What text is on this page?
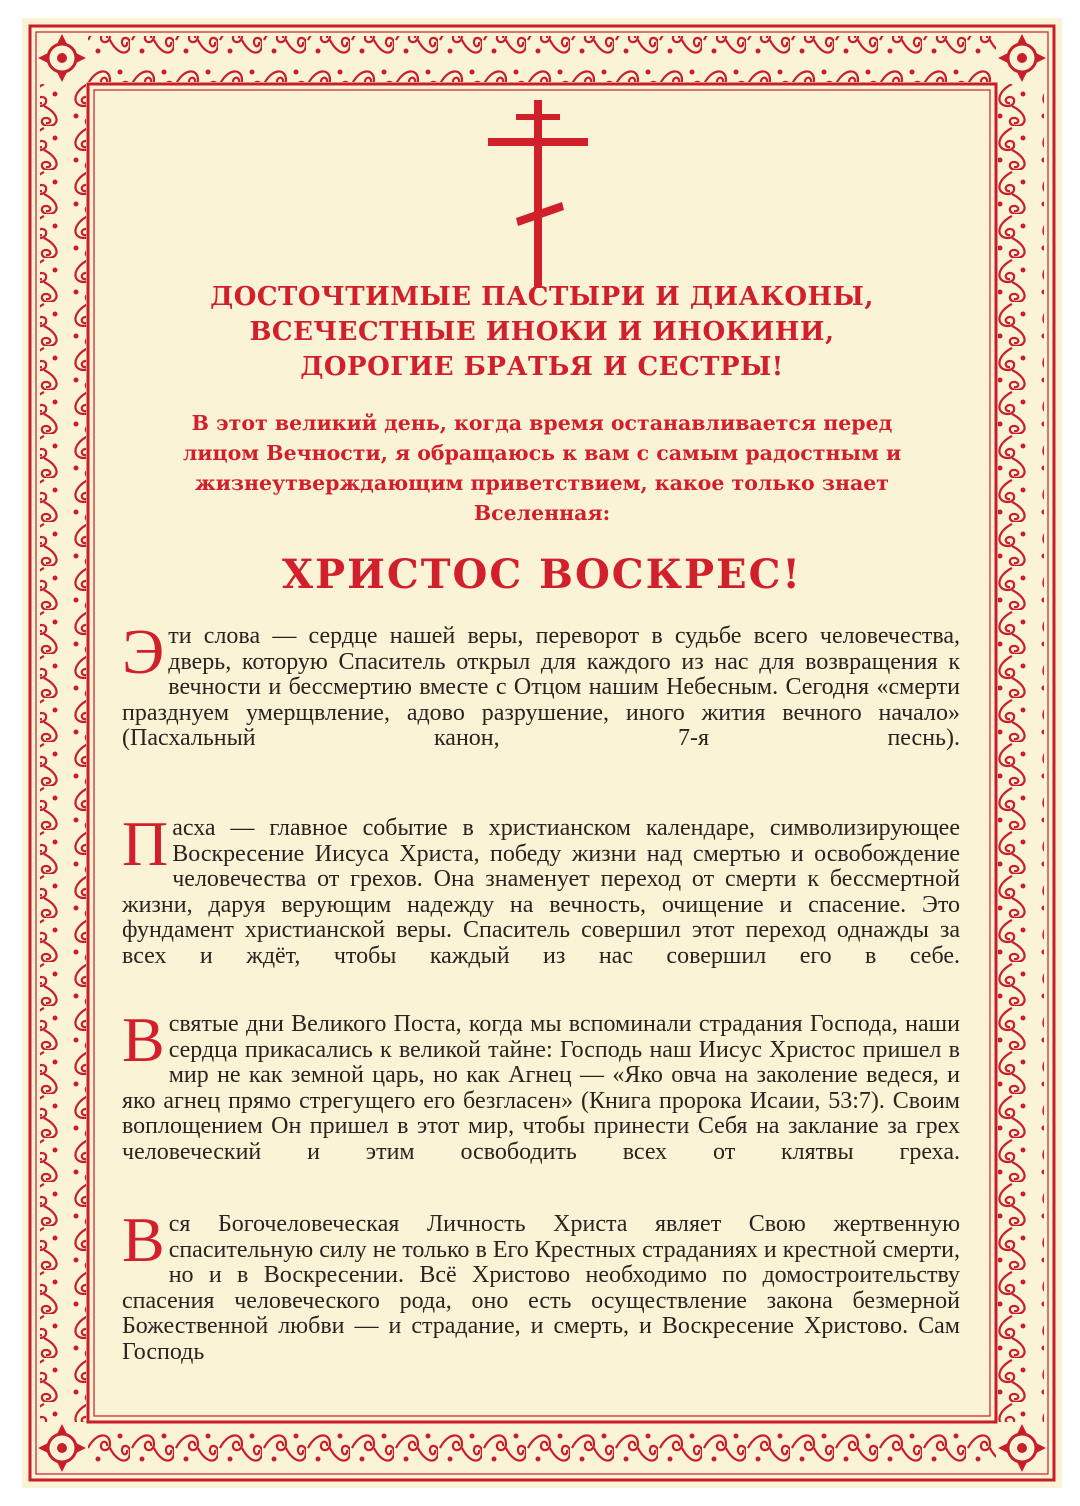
ДОСТОЧТИМЫЕ ПАСТЫРИ И ДИАКОНЫ, ВСЕЧЕСТНЫЕ ИНОКИ И ИНОКИНИ, ДОРОГИЕ БРАТЬЯ И СЕСТРЫ!

В этот великий день, когда время останавливается перед лицом Вечности, я обращаюсь к вам с самым радостным и жизнеутверждающим приветствием, какое только знает Вселенная:

ХРИСТОС ВОСКРЕС!

Эти слова — сердце нашей веры, переворот в судьбе всего человечества, дверь, которую Спаситель открыл для каждого из нас для возвращения к вечности и бессмертию вместе с Отцом нашим Небесным. Сегодня «смерти празднуем умерщвление, адово разрушение, иного жития вечного начало» (Пасхальный канон, 7-я песнь).

Пасха — главное событие в христианском календаре, символизирующее Воскресение Иисуса Христа, победу жизни над смертью и освобождение человечества от грехов. Она знаменует переход от смерти к бессмертной жизни, даруя верующим надежду на вечность, очищение и спасение. Это фундамент христианской веры. Спаситель совершил этот переход однажды за всех и ждёт, чтобы каждый из нас совершил его в себе.

В святые дни Великого Поста, когда мы вспоминали страдания Господа, наши сердца прикасались к великой тайне: Господь наш Иисус Христос пришел в мир не как земной царь, но как Агнец — «Яко овча на заколение ведеся, и яко агнец прямо стрегущего его безгласен» (Книга пророка Исаии, 53:7). Своим воплощением Он пришел в этот мир, чтобы принести Себя на заклание за грех человеческий и этим освободить всех от клятвы греха.

Вся Богочеловеческая Личность Христа являет Свою жертвенную спасительную силу не только в Его Крестных страданиях и крестной смерти, но и в Воскресении. Всё Христово необходимо по домостроительству спасения человеческого рода, оно есть осуществление закона безмерной Божественной любви — и страдание, и смерть, и Воскресение Христово. Сам Господь
